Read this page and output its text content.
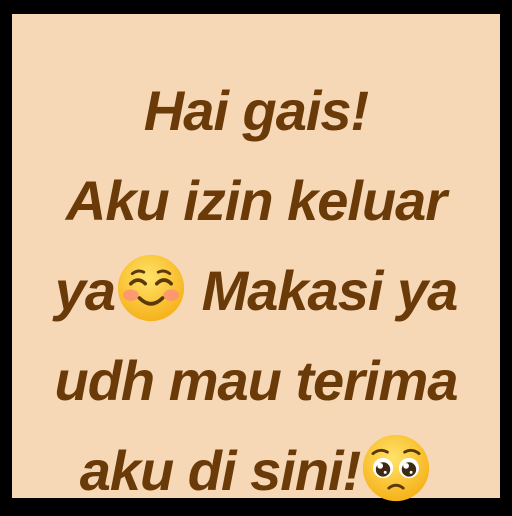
Hai gais!
Aku izin keluar
ya Makasi ya
udh mau terima
aku di sini!
